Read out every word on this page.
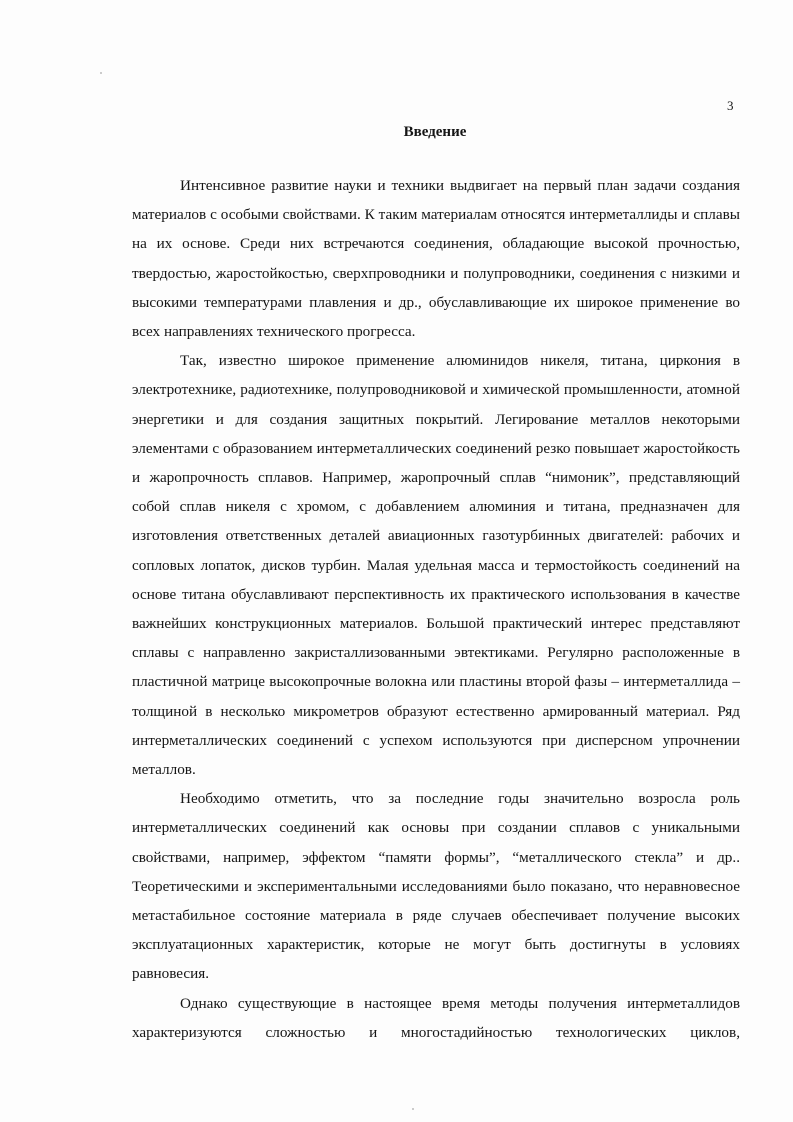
3
Введение

Интенсивное развитие науки и техники выдвигает на первый план задачи создания материалов с особыми свойствами. К таким материалам относятся интерметаллиды и сплавы на их основе. Среди них встречаются соединения, обладающие высокой прочностью, твердостью, жаростойкостью, сверхпроводники и полупроводники, соединения с низкими и высокими температурами плавления и др., обуславливающие их широкое применение во всех направлениях технического прогресса.

Так, известно широкое применение алюминидов никеля, титана, циркония в электротехнике, радиотехнике, полупроводниковой и химической промышленности, атомной энергетики и для создания защитных покрытий. Легирование металлов некоторыми элементами с образованием интерметаллических соединений резко повышает жаростойкость и жаропрочность сплавов. Например, жаропрочный сплав “нимоник”, представляющий собой сплав никеля с хромом, с добавлением алюминия и титана, предназначен для изготовления ответственных деталей авиационных газотурбинных двигателей: рабочих и сопловых лопаток, дисков турбин. Малая удельная масса и термостойкость соединений на основе титана обуславливают перспективность их практического использования в качестве важнейших конструкционных материалов. Большой практический интерес представляют сплавы с направленно закристаллизованными эвтектиками. Регулярно расположенные в пластичной матрице высокопрочные волокна или пластины второй фазы – интерметаллида – толщиной в несколько микрометров образуют естественно армированный материал. Ряд интерметаллических соединений с успехом используются при дисперсном упрочнении металлов.

Необходимо отметить, что за последние годы значительно возросла роль интерметаллических соединений как основы при создании сплавов с уникальными свойствами, например, эффектом “памяти формы”, “металлического стекла” и др.. Теоретическими и экспериментальными исследованиями было показано, что неравновесное метастабильное состояние материала в ряде случаев обеспечивает получение высоких эксплуатационных характеристик, которые не могут быть достигнуты в условиях равновесия.

Однако существующие в настоящее время методы получения интерметаллидов характеризуются сложностью и многостадийностью технологических циклов,
